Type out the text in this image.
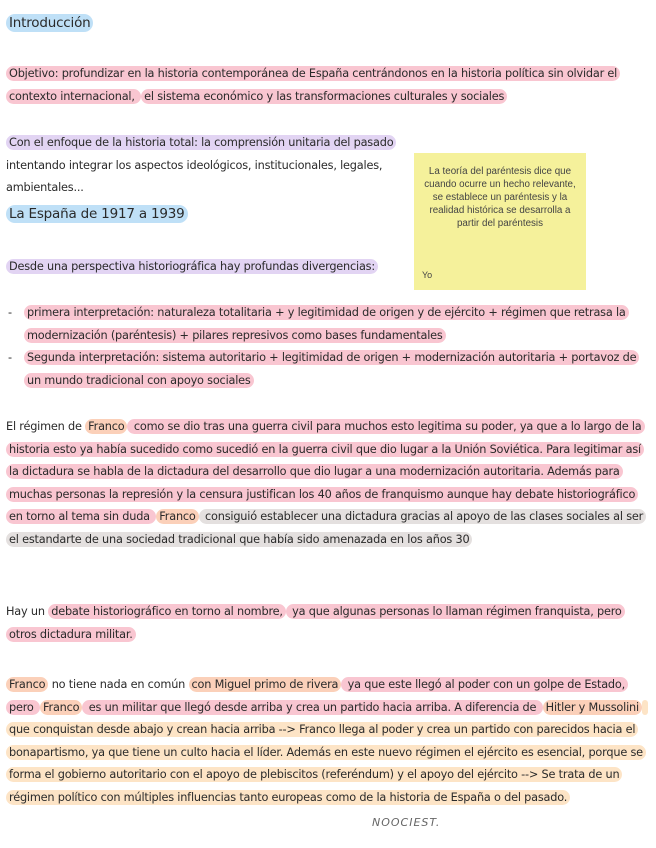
Introducción
Objetivo: profundizar en la historia contemporánea de España centrándonos en la historia política sin olvidar el contexto internacional, el sistema económico y las transformaciones culturales y sociales
Con el enfoque de la historia total: la comprensión unitaria del pasado intentando integrar los aspectos ideológicos, institucionales, legales, ambientales...
La teoría del paréntesis dice que cuando ocurre un hecho relevante, se establece un paréntesis y la realidad histórica se desarrolla a partir del paréntesis
Yo
La España de 1917 a 1939
Desde una perspectiva historiográfica hay profundas divergencias:
- primera interpretación: naturaleza totalitaria + y legitimidad de origen y de ejército + régimen que retrasa la modernización (paréntesis) + pilares represivos como bases fundamentales
- Segunda interpretación: sistema autoritario + legitimidad de origen + modernización autoritaria + portavoz de un mundo tradicional con apoyo sociales
El régimen de Franco como se dio tras una guerra civil para muchos esto legitima su poder, ya que a lo largo de la historia esto ya había sucedido como sucedió en la guerra civil que dio lugar a la Unión Soviética. Para legitimar así la dictadura se habla de la dictadura del desarrollo que dio lugar a una modernización autoritaria. Además para muchas personas la represión y la censura justifican los 40 años de franquismo aunque hay debate historiográfico en torno al tema sin duda Franco consiguió establecer una dictadura gracias al apoyo de las clases sociales al ser el estandarte de una sociedad tradicional que había sido amenazada en los años 30
Hay un debate historiográfico en torno al nombre, ya que algunas personas lo llaman régimen franquista, pero otros dictadura militar.
Franco no tiene nada en común con Miguel primo de rivera ya que este llegó al poder con un golpe de Estado, pero Franco es un militar que llegó desde arriba y crea un partido hacia arriba. A diferencia de Hitler y Mussolini que conquistan desde abajo y crean hacia arriba --> Franco llega al poder y crea un partido con parecidos hacia el bonapartismo, ya que tiene un culto hacia el líder. Además en este nuevo régimen el ejército es esencial, porque se forma el gobierno autoritario con el apoyo de plebiscitos (referéndum) y el apoyo del ejército --> Se trata de un régimen político con múltiples influencias tanto europeas como de la historia de España o del pasado.
NOOCIEST.
